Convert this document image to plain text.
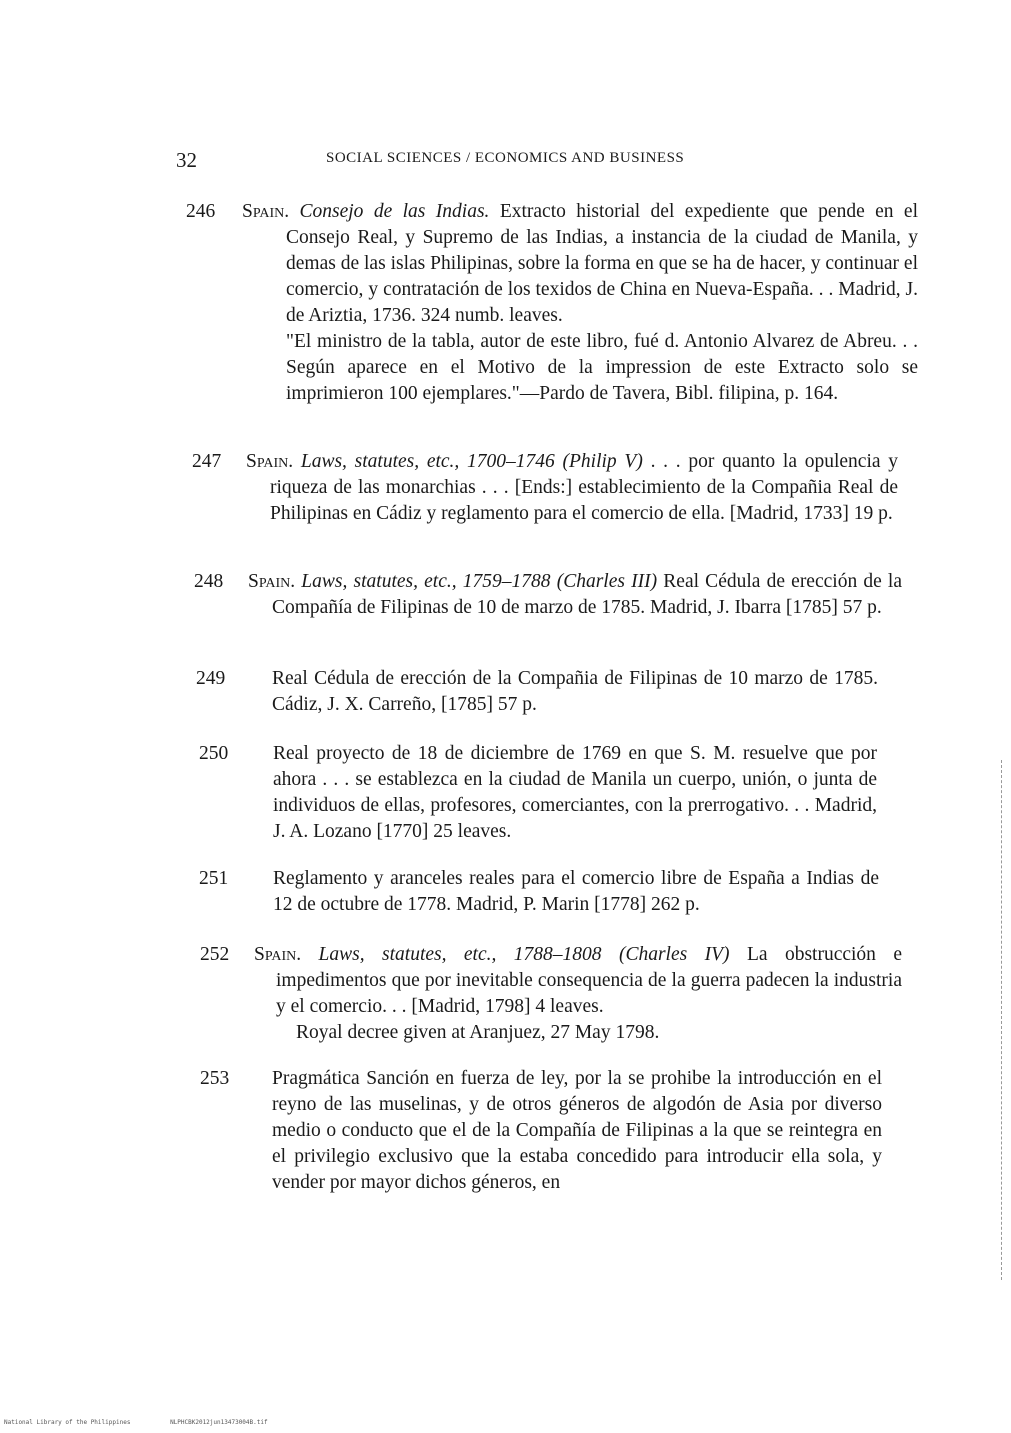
32	SOCIAL SCIENCES / ECONOMICS AND BUSINESS
246 Spain. Consejo de las Indias. Extracto historial del expediente que pende en el Consejo Real, y Supremo de las Indias, a instancia de la ciudad de Manila, y demas de las islas Philipinas, sobre la forma en que se ha de hacer, y continuar el comercio, y contratación de los texidos de China en Nueva-España. . . Madrid, J. de Ariztia, 1736. 324 numb. leaves.
"El ministro de la tabla, autor de este libro, fué d. Antonio Alvarez de Abreu. . . Según aparece en el Motivo de la impression de este Extracto solo se imprimieron 100 ejemplares."—Pardo de Tavera, Bibl. filipina, p. 164.
247 Spain. Laws, statutes, etc., 1700–1746 (Philip V) . . . por quanto la opulencia y riqueza de las monarchias . . . [Ends:] establecimiento de la Compañia Real de Philipinas en Cádiz y reglamento para el comercio de ella. [Madrid, 1733] 19 p.
248 Spain. Laws, statutes, etc., 1759–1788 (Charles III) Real Cédula de erección de la Compañía de Filipinas de 10 de marzo de 1785. Madrid, J. Ibarra [1785] 57 p.
249 Real Cédula de erección de la Compañia de Filipinas de 10 marzo de 1785. Cádiz, J. X. Carreño, [1785] 57 p.
250 Real proyecto de 18 de diciembre de 1769 en que S. M. resuelve que por ahora . . . se establezca en la ciudad de Manila un cuerpo, unión, o junta de individuos de ellas, profesores, comerciantes, con la prerrogativo. . . Madrid, J. A. Lozano [1770] 25 leaves.
251 Reglamento y aranceles reales para el comercio libre de España a Indias de 12 de octubre de 1778. Madrid, P. Marin [1778] 262 p.
252 Spain. Laws, statutes, etc., 1788–1808 (Charles IV) La obstrucción e impedimentos que por inevitable consequencia de la guerra padecen la industria y el comercio. . . [Madrid, 1798] 4 leaves.
Royal decree given at Aranjuez, 27 May 1798.
253 Pragmática Sanción en fuerza de ley, por la se prohibe la introducción en el reyno de las muselinas, y de otros géneros de algodón de Asia por diverso medio o conducto que el de la Compañía de Filipinas a la que se reintegra en el privilegio exclusivo que la estaba concedido para introducir ella sola, y vender por mayor dichos géneros, en
National Library of the Philippines	NLPHCBK2012jun13473004B.tif
